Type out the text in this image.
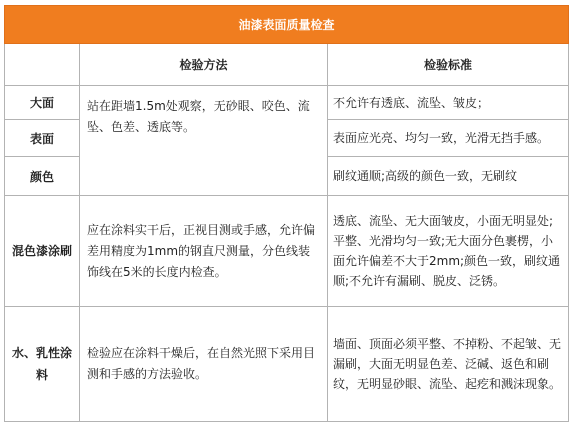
油漆表面质量检查		
	检验方法	检验标准
大面	站在距墙1.5m处观察，无砂眼、咬色、流坠、色差、透底等。	不允许有透底、流坠、皱皮；
表面		表面应光亮、均匀一致，光滑无挡手感。
颜色		刷纹通顺;高级的颜色一致，无刷纹
混色漆涂刷	应在涂料实干后，正视目测或手感，允许偏差用精度为1mm的钢直尺测量，分色线装饰线在5米的长度内检查。	透底、流坠、无大面皱皮，小面无明显处;平整、光滑均匀一致;无大面分色裹楞，小面允许偏差不大于2mm;颜色一致，刷纹通顺;不允许有漏刷、脱皮、泛锈。
水、乳性涂料	检验应在涂料干燥后，在自然光照下采用目测和手感的方法验收。	墙面、顶面必须平整、不掉粉、不起皱、无漏刷，大面无明显色差、泛碱、返色和刷纹，无明显砂眼、流坠、起疙和溅沫现象。
